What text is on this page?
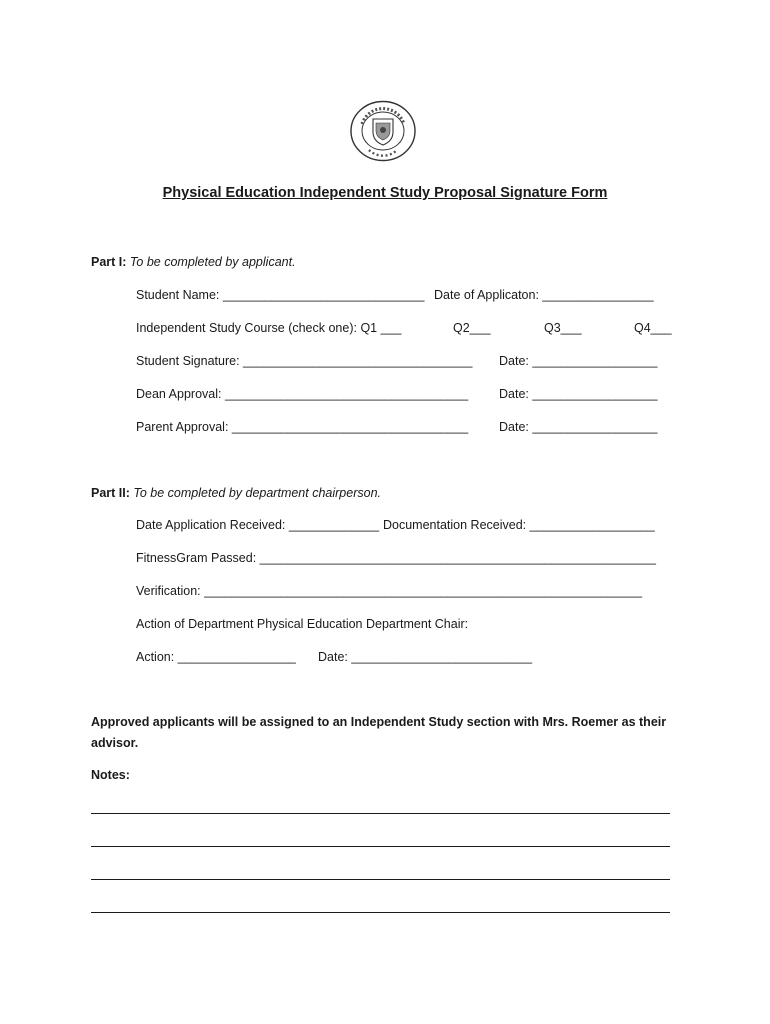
Physical Education Independent Study Proposal Signature Form
Part I: To be completed by applicant.
Student Name: _____________________________ Date of Applicaton: ________________
Independent Study Course (check one): Q1 ___	Q2___	Q3___	Q4___
Student Signature: _________________________________ Date: __________________
Dean Approval: ___________________________________ Date: __________________
Parent Approval: __________________________________ Date: __________________
Part II: To be completed by department chairperson.
Date Application Received: _____________ Documentation Received: __________________
FitnessGram Passed: _________________________________________________________
Verification: _______________________________________________________________
Action of Department Physical Education Department Chair:
Action: _________________ Date: __________________________
Approved applicants will be assigned to an Independent Study section with Mrs. Roemer as their
advisor.
Notes:
